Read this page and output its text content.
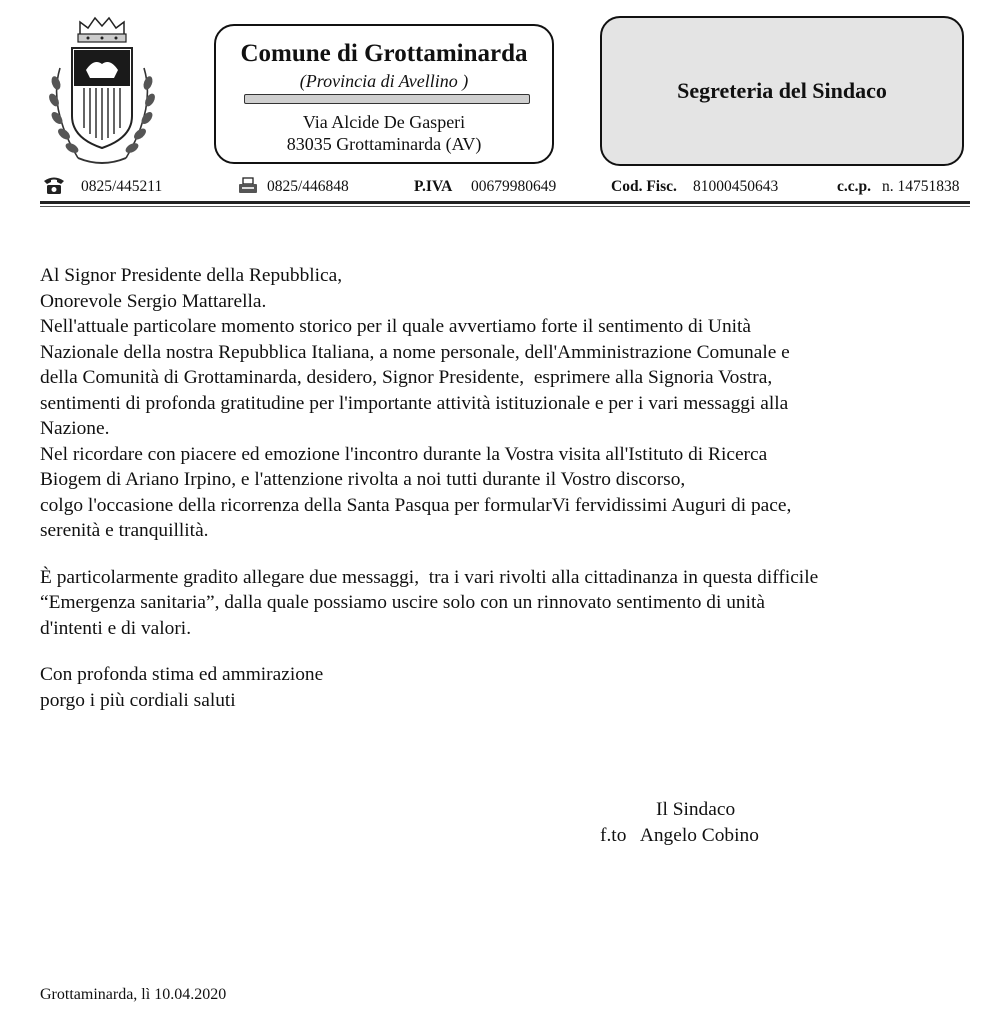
Comune di Grottaminarda
(Provincia di Avellino )
Via Alcide De Gasperi
83035 Grottaminarda (AV)
Segreteria del Sindaco
0825/445211	0825/446848	P.IVA 00679980649	Cod. Fisc. 81000450643	c.c.p. n. 14751838
Al Signor Presidente della Repubblica,
Onorevole Sergio Mattarella.
Nell'attuale particolare momento storico per il quale avvertiamo forte il sentimento di Unità
Nazionale della nostra Repubblica Italiana, a nome personale, dell'Amministrazione Comunale e
della Comunità di Grottaminarda, desidero, Signor Presidente,  esprimere alla Signoria Vostra,
sentimenti di profonda gratitudine per l'importante attività istituzionale e per i vari messaggi alla
Nazione.
Nel ricordare con piacere ed emozione l'incontro durante la Vostra visita all'Istituto di Ricerca
Biogem di Ariano Irpino, e l'attenzione rivolta a noi tutti durante il Vostro discorso,
colgo l'occasione della ricorrenza della Santa Pasqua per formularVi fervidissimi Auguri di pace,
serenità e tranquillità.
È particolarmente gradito allegare due messaggi,  tra i vari rivolti alla cittadinanza in questa difficile
“Emergenza sanitaria”, dalla quale possiamo uscire solo con un rinnovato sentimento di unità
d'intenti e di valori.
Con profonda stima ed ammirazione
porgo i più cordiali saluti
Il Sindaco
f.to   Angelo Cobino
Grottaminarda, lì 10.04.2020
